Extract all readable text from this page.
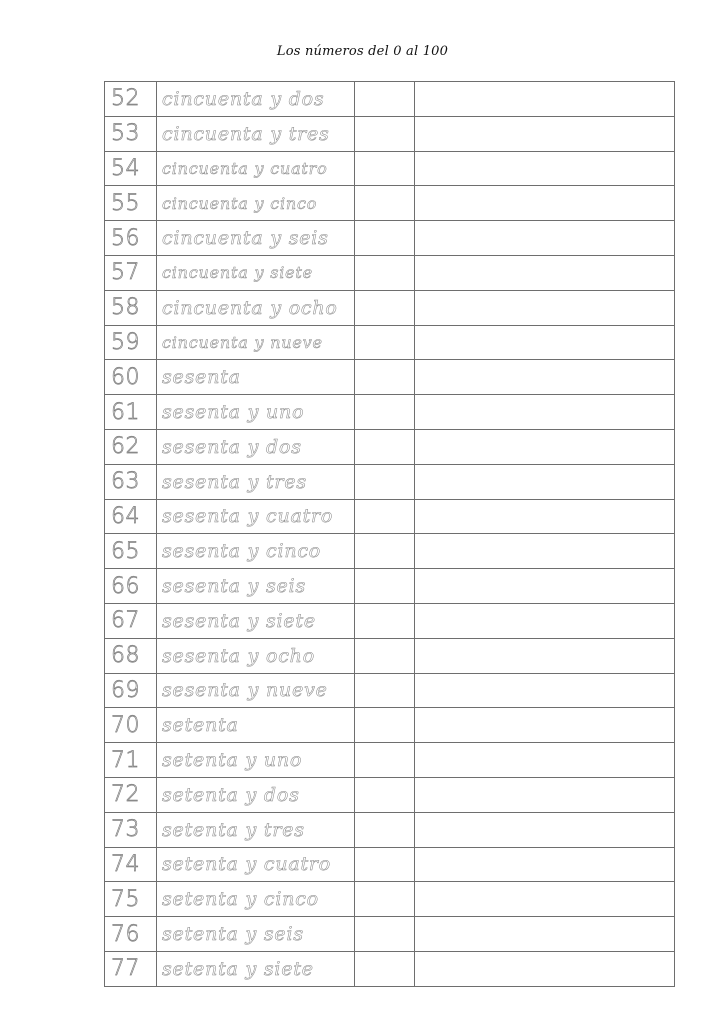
Los números del 0 al 100
52	cincuenta y dos		
53	cincuenta y tres		
54	cincuenta y cuatro		
55	cincuenta y cinco		
56	cincuenta y seis		
57	cincuenta y siete		
58	cincuenta y ocho		
59	cincuenta y nueve		
60	sesenta		
61	sesenta y uno		
62	sesenta y dos		
63	sesenta y tres		
64	sesenta y cuatro		
65	sesenta y cinco		
66	sesenta y seis		
67	sesenta y siete		
68	sesenta y ocho		
69	sesenta y nueve		
70	setenta		
71	setenta y uno		
72	setenta y dos		
73	setenta y tres		
74	setenta y cuatro		
75	setenta y cinco		
76	setenta y seis		
77	setenta y siete		
